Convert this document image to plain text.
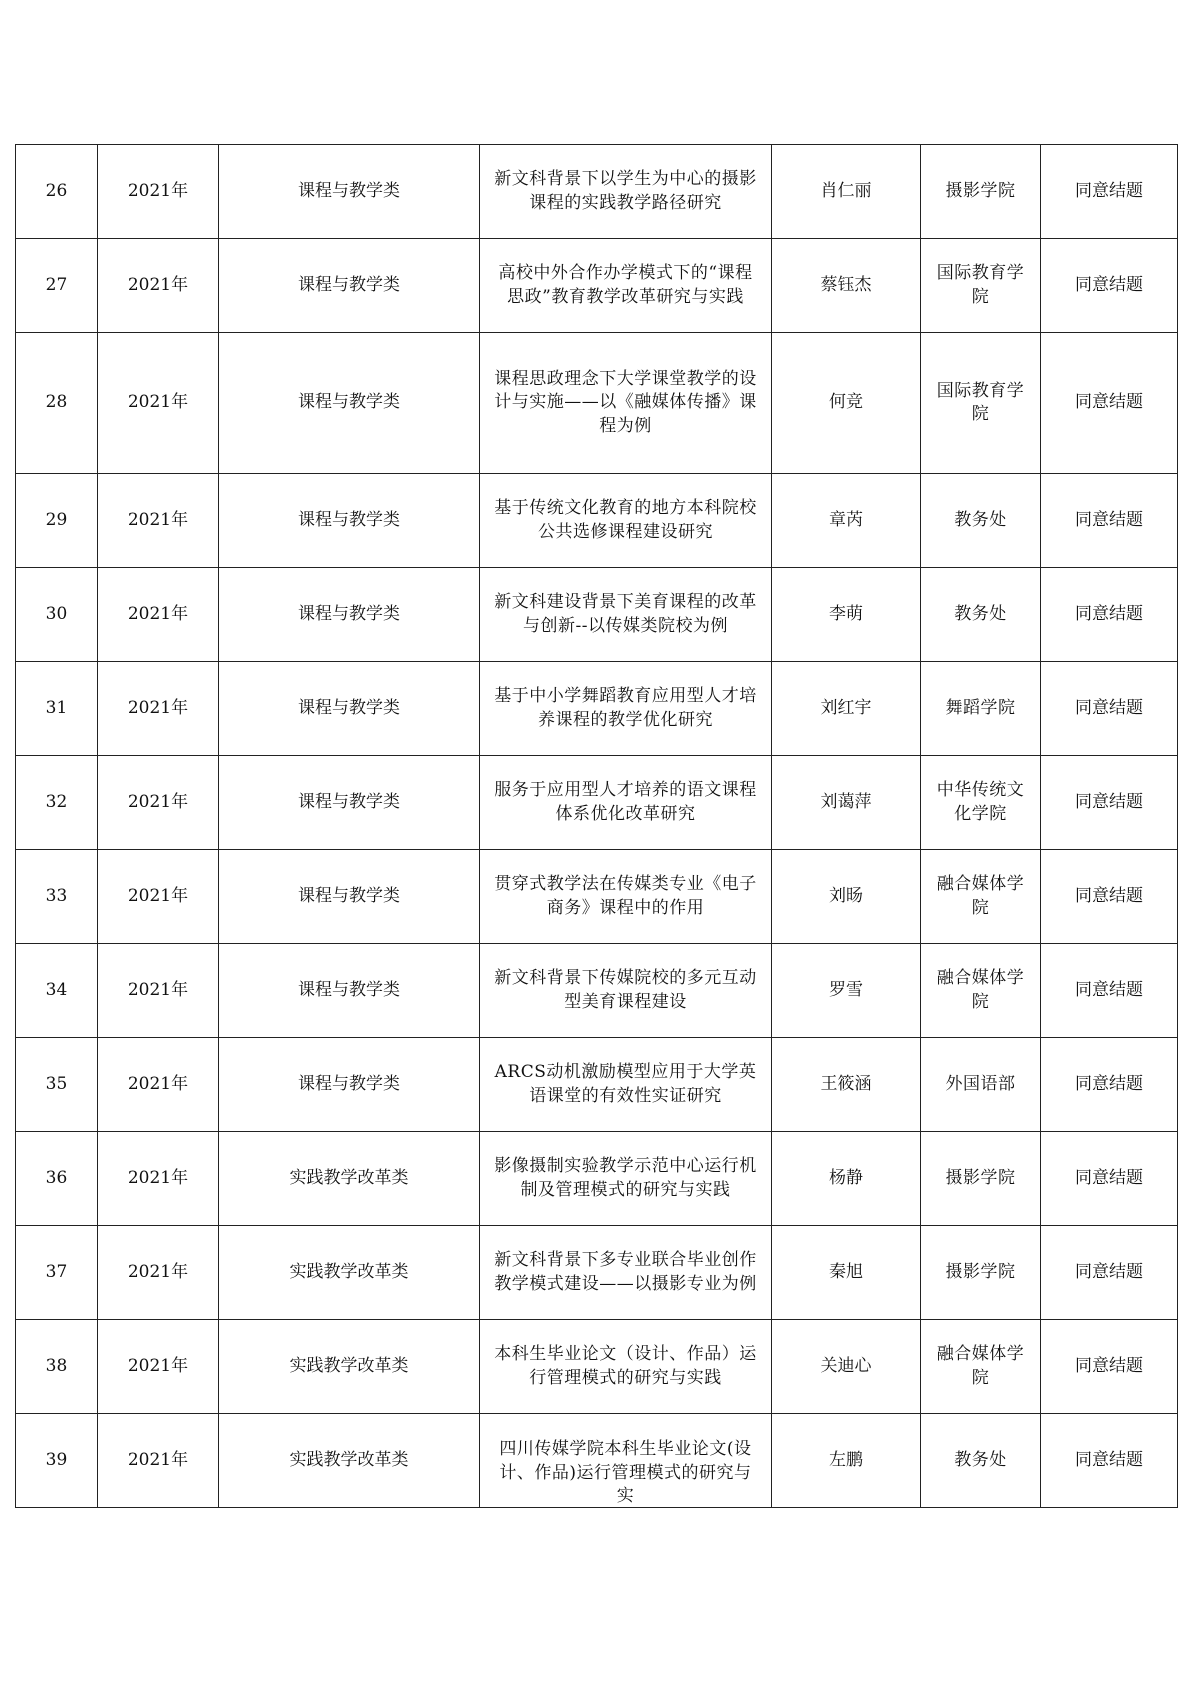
26	2021年	课程与教学类	新文科背景下以学生为中心的摄影课程的实践教学路径研究	肖仁丽	摄影学院	同意结题
27	2021年	课程与教学类	高校中外合作办学模式下的“课程思政”教育教学改革研究与实践	蔡钰杰	国际教育学院	同意结题
28	2021年	课程与教学类	课程思政理念下大学课堂教学的设计与实施——以《融媒体传播》课程为例	何竞	国际教育学院	同意结题
29	2021年	课程与教学类	基于传统文化教育的地方本科院校公共选修课程建设研究	章芮	教务处	同意结题
30	2021年	课程与教学类	新文科建设背景下美育课程的改革与创新--以传媒类院校为例	李萌	教务处	同意结题
31	2021年	课程与教学类	基于中小学舞蹈教育应用型人才培养课程的教学优化研究	刘红宇	舞蹈学院	同意结题
32	2021年	课程与教学类	服务于应用型人才培养的语文课程体系优化改革研究	刘蔼萍	中华传统文化学院	同意结题
33	2021年	课程与教学类	贯穿式教学法在传媒类专业《电子商务》课程中的作用	刘旸	融合媒体学院	同意结题
34	2021年	课程与教学类	新文科背景下传媒院校的多元互动型美育课程建设	罗雪	融合媒体学院	同意结题
35	2021年	课程与教学类	ARCS动机激励模型应用于大学英语课堂的有效性实证研究	王筱涵	外国语部	同意结题
36	2021年	实践教学改革类	影像摄制实验教学示范中心运行机制及管理模式的研究与实践	杨静	摄影学院	同意结题
37	2021年	实践教学改革类	新文科背景下多专业联合毕业创作教学模式建设——以摄影专业为例	秦旭	摄影学院	同意结题
38	2021年	实践教学改革类	本科生毕业论文（设计、作品）运行管理模式的研究与实践	关迪心	融合媒体学院	同意结题
39	2021年	实践教学改革类	四川传媒学院本科生毕业论文(设计、作品)运行管理模式的研究与实	左鹏	教务处	同意结题
